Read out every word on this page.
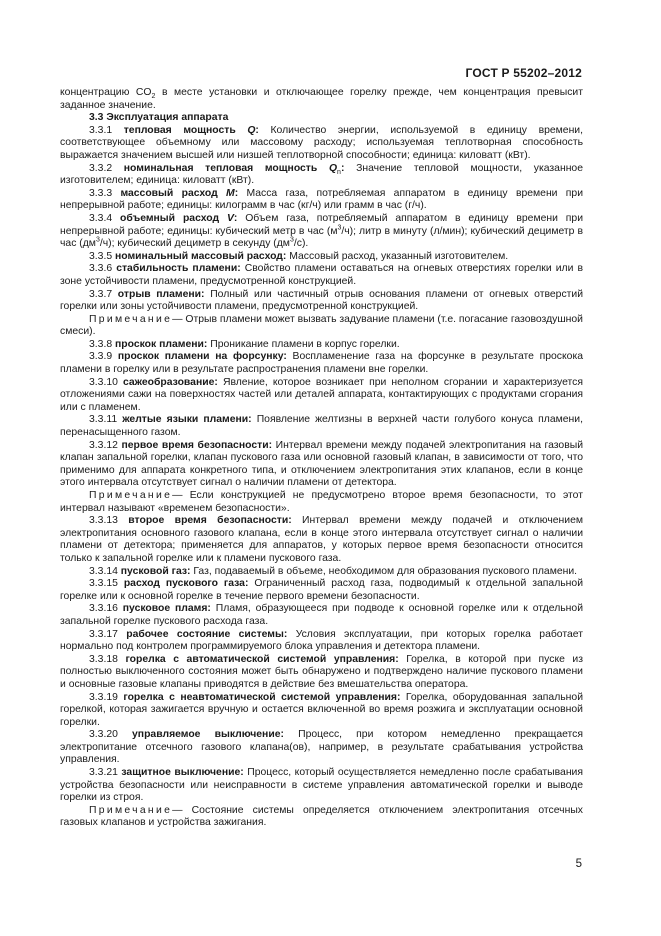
ГОСТ Р 55202–2012

концентрацию $CO_2$ в месте установки и отключающее горелку прежде, чем концентрация превысит заданное значение.

3.3 Эксплуатация аппарата

3.3.1 тепловая мощность Q: Количество энергии, используемой в единицу времени, соответствующее объемному или массовому расходу; используемая теплотворная способность выражается значением высшей или низшей теплотворной способности; единица: киловатт (кВт).

3.3.2 номинальная тепловая мощность $Q_n$: Значение тепловой мощности, указанное изготовителем; единица: киловатт (кВт).

3.3.3 массовый расход M: Масса газа, потребляемая аппаратом в единицу времени при непрерывной работе; единицы: килограмм в час (кг/ч) или грамм в час (г/ч).

3.3.4 объемный расход V: Объем газа, потребляемый аппаратом в единицу времени при непрерывной работе; единицы: кубический метр в час $(м^3/ч)$; литр в минуту (л/мин); кубический дециметр в час $(дм^3/ч)$; кубический дециметр в секунду $(дм^3/с)$.

3.3.5 номинальный массовый расход: Массовый расход, указанный изготовителем.

3.3.6 стабильность пламени: Свойство пламени оставаться на огневых отверстиях горелки или в зоне устойчивости пламени, предусмотренной конструкцией.

3.3.7 отрыв пламени: Полный или частичный отрыв основания пламени от огневых отверстий горелки или зоны устойчивости пламени, предусмотренной конструкцией.

Примечание— Отрыв пламени может вызвать задувание пламени (т.е. погасание газовоздушной смеси).

3.3.8 проскок пламени: Проникание пламени в корпус горелки.

3.3.9 проскок пламени на форсунку: Воспламенение газа на форсунке в результате проскока пламени в горелку или в результате распространения пламени вне горелки.

3.3.10 сажеобразование: Явление, которое возникает при неполном сгорании и характеризуется отложениями сажи на поверхностях частей или деталей аппарата, контактирующих с продуктами сгорания или с пламенем.

3.3.11 желтые языки пламени: Появление желтизны в верхней части голубого конуса пламени, перенасыщенного газом.

3.3.12 первое время безопасности: Интервал времени между подачей электропитания на газовый клапан запальной горелки, клапан пускового газа или основной газовый клапан, в зависимости от того, что применимо для аппарата конкретного типа, и отключением электропитания этих клапанов, если в конце этого интервала отсутствует сигнал о наличии пламени от детектора.

Примечание— Если конструкцией не предусмотрено второе время безопасности, то этот интервал называют «временем безопасности».

3.3.13 второе время безопасности: Интервал времени между подачей и отключением электропитания основного газового клапана, если в конце этого интервала отсутствует сигнал о наличии пламени от детектора; применяется для аппаратов, у которых первое время безопасности относится только к запальной горелке или к пламени пускового газа.

3.3.14 пусковой газ: Газ, подаваемый в объеме, необходимом для образования пускового пламени.

3.3.15 расход пускового газа: Ограниченный расход газа, подводимый к отдельной запальной горелке или к основной горелке в течение первого времени безопасности.

3.3.16 пусковое пламя: Пламя, образующееся при подводе к основной горелке или к отдельной запальной горелке пускового расхода газа.

3.3.17 рабочее состояние системы: Условия эксплуатации, при которых горелка работает нормально под контролем программируемого блока управления и детектора пламени.

3.3.18 горелка с автоматической системой управления: Горелка, в которой при пуске из полностью выключенного состояния может быть обнаружено и подтверждено наличие пускового пламени и основные газовые клапаны приводятся в действие без вмешательства оператора.

3.3.19 горелка с неавтоматической системой управления: Горелка, оборудованная запальной горелкой, которая зажигается вручную и остается включенной во время розжига и эксплуатации основной горелки.

3.3.20 управляемое выключение: Процесс, при котором немедленно прекращается электропитание отсечного газового клапана(ов), например, в результате срабатывания устройства управления.

3.3.21 защитное выключение: Процесс, который осуществляется немедленно после срабатывания устройства безопасности или неисправности в системе управления автоматической горелки и выводе горелки из строя.

Примечание— Состояние системы определяется отключением электропитания отсечных газовых клапанов и устройства зажигания.

5
